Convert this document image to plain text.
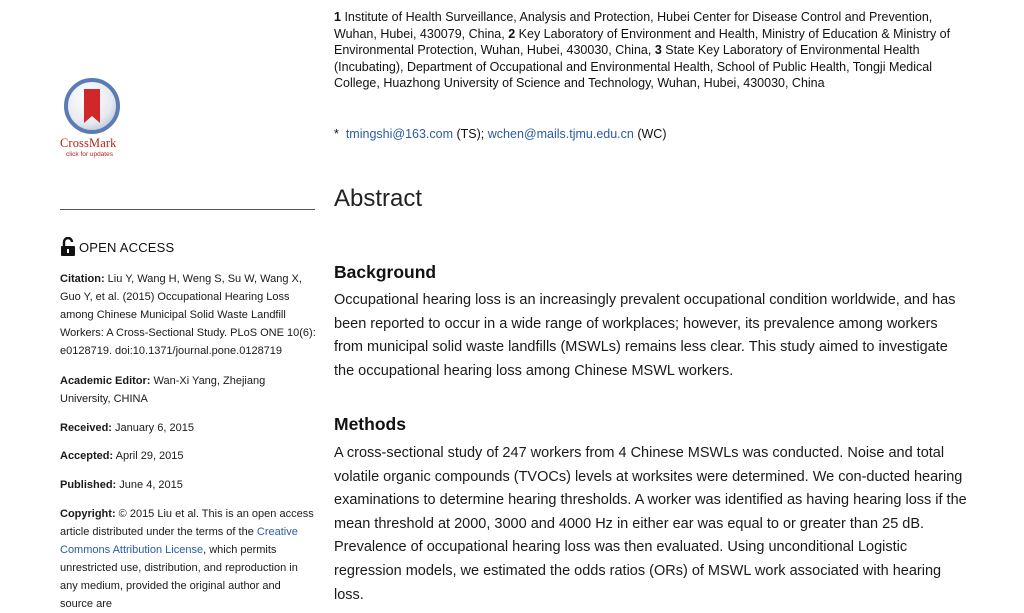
CrossMark
click for updates
OPEN ACCESS
Citation: Liu Y, Wang H, Weng S, Su W, Wang X, Guo Y, et al. (2015) Occupational Hearing Loss among Chinese Municipal Solid Waste Landfill Workers: A Cross-Sectional Study. PLoS ONE 10(6): e0128719. doi:10.1371/journal.pone.0128719
Academic Editor: Wan-Xi Yang, Zhejiang University, CHINA
Received: January 6, 2015
Accepted: April 29, 2015
Published: June 4, 2015
Copyright: © 2015 Liu et al. This is an open access article distributed under the terms of the Creative Commons Attribution License, which permits unrestricted use, distribution, and reproduction in any medium, provided the original author and source are
1 Institute of Health Surveillance, Analysis and Protection, Hubei Center for Disease Control and Prevention, Wuhan, Hubei, 430079, China, 2 Key Laboratory of Environment and Health, Ministry of Education & Ministry of Environmental Protection, Wuhan, Hubei, 430030, China, 3 State Key Laboratory of Environmental Health (Incubating), Department of Occupational and Environmental Health, School of Public Health, Tongji Medical College, Huazhong University of Science and Technology, Wuhan, Hubei, 430030, China
* tmingshi@163.com (TS); wchen@mails.tjmu.edu.cn (WC)
Abstract
Background

Occupational hearing loss is an increasingly prevalent occupational condition worldwide, and has been reported to occur in a wide range of workplaces; however, its prevalence among workers from municipal solid waste landfills (MSWLs) remains less clear. This study aimed to investigate the occupational hearing loss among Chinese MSWL workers.

Methods

A cross-sectional study of 247 workers from 4 Chinese MSWLs was conducted. Noise and total volatile organic compounds (TVOCs) levels at worksites were determined. We con-ducted hearing examinations to determine hearing thresholds. A worker was identified as having hearing loss if the mean threshold at 2000, 3000 and 4000 Hz in either ear was equal to or greater than 25 dB. Prevalence of occupational hearing loss was then evaluated. Using unconditional Logistic regression models, we estimated the odds ratios (ORs) of MSWL work associated with hearing loss.
